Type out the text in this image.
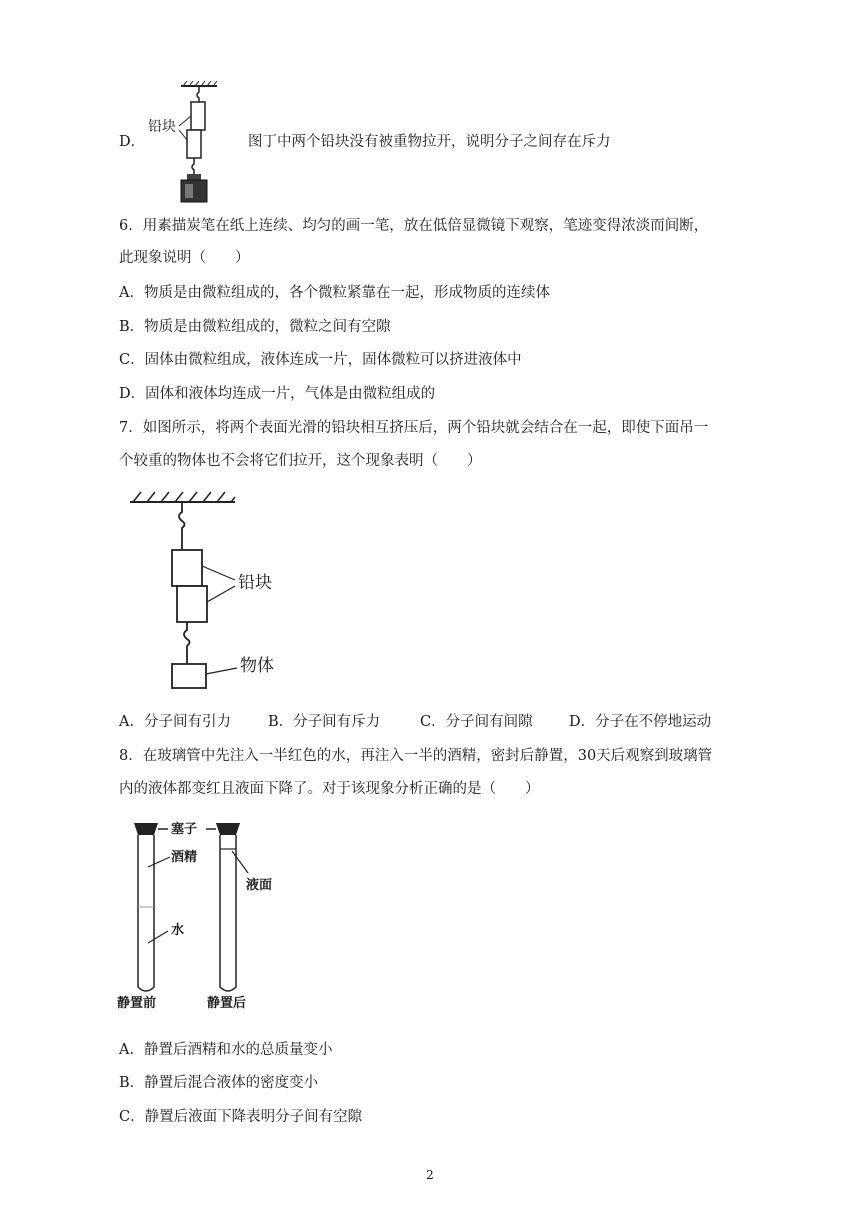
D．
铅块
图丁中两个铅块没有被重物拉开，说明分子之间存在斥力
6．用素描炭笔在纸上连续、均匀的画一笔，放在低倍显微镜下观察，笔迹变得浓淡而间断，
此现象说明（　　）
A．物质是由微粒组成的，各个微粒紧靠在一起，形成物质的连续体
B．物质是由微粒组成的，微粒之间有空隙
C．固体由微粒组成，液体连成一片，固体微粒可以挤进液体中
D．固体和液体均连成一片，气体是由微粒组成的
7．如图所示，将两个表面光滑的铅块相互挤压后，两个铅块就会结合在一起，即使下面吊一
个较重的物体也不会将它们拉开，这个现象表明（　　）
铅块
物体
A．分子间有引力	B．分子间有斥力	C．分子间有间隙	D．分子在不停地运动
8．在玻璃管中先注入一半红色的水，再注入一半的酒精，密封后静置，30天后观察到玻璃管
内的液体都变红且液面下降了。对于该现象分析正确的是（　　）
塞子
酒精
液面
水
静置前	静置后
A．静置后酒精和水的总质量变小
B．静置后混合液体的密度变小
C．静置后液面下降表明分子间有空隙
2
